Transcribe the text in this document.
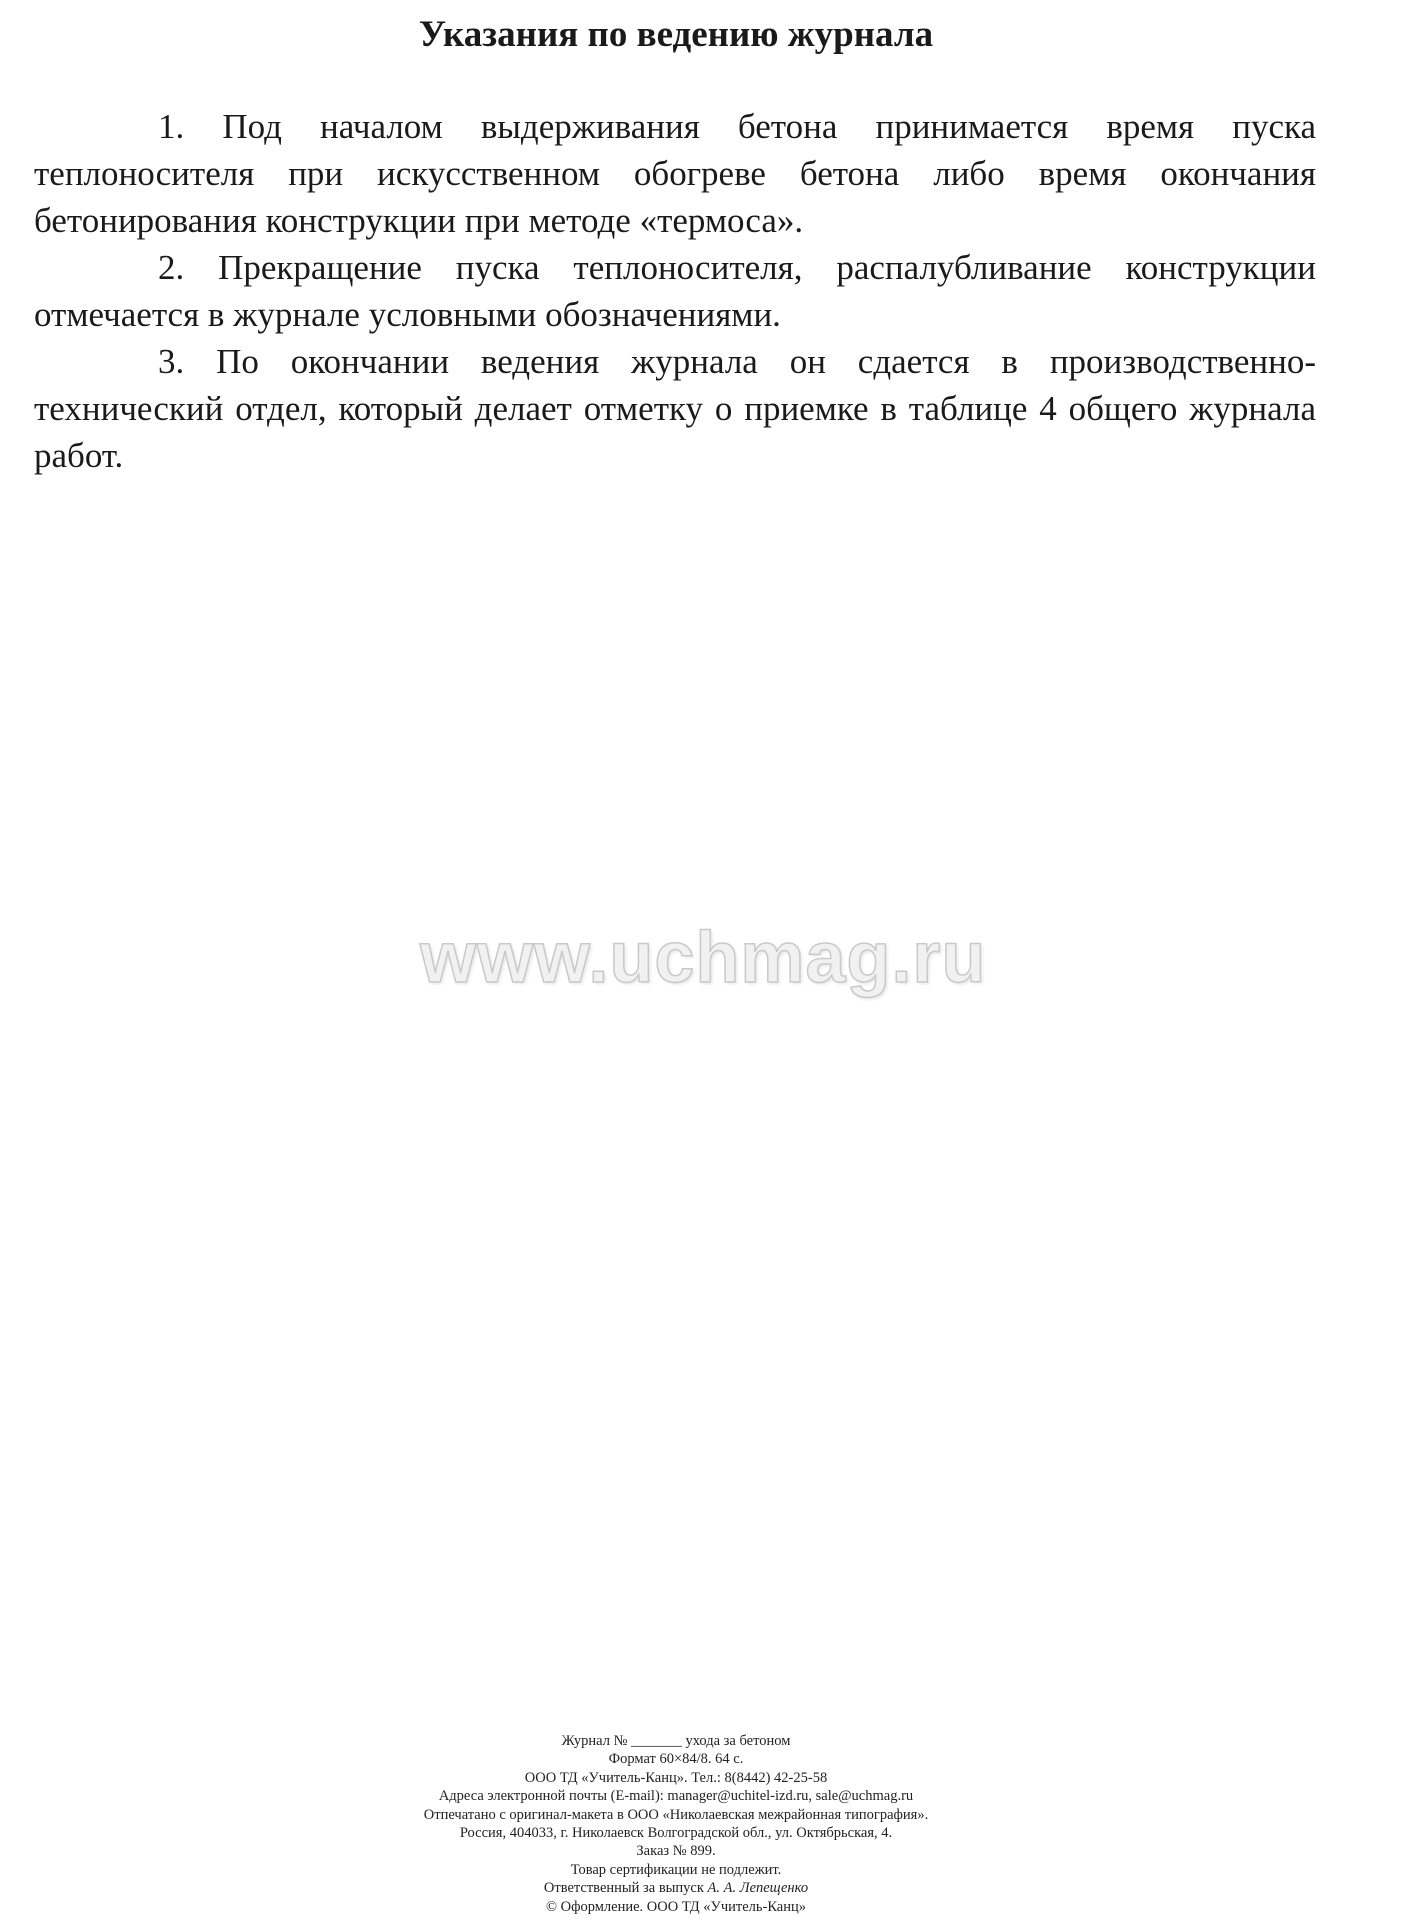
Указания по ведению журнала

1. Под началом выдерживания бетона принимается время пуска теплоносителя при искусственном обогреве бетона либо время окончания бетонирования конструкции при методе «термоса».

2. Прекращение пуска теплоносителя, распалубливание конструкции отмечается в журнале условными обозначениями.

3. По окончании ведения журнала он сдается в производственно-технический отдел, который делает отметку о приемке в таблице 4 общего журнала работ.

www.uchmag.ru
Журнал № _______ ухода за бетоном
Формат 60×84/8. 64 с.
ООО ТД «Учитель-Канц». Тел.: 8(8442) 42-25-58
Адреса электронной почты (E-mail): manager@uchitel-izd.ru, sale@uchmag.ru
Отпечатано с оригинал-макета в ООО «Николаевская межрайонная типография».
Россия, 404033, г. Николаевск Волгоградской обл., ул. Октябрьская, 4.
Заказ № 899.
Товар сертификации не подлежит.
Ответственный за выпуск А. А. Лепещенко
© Оформление. ООО ТД «Учитель-Канц»
